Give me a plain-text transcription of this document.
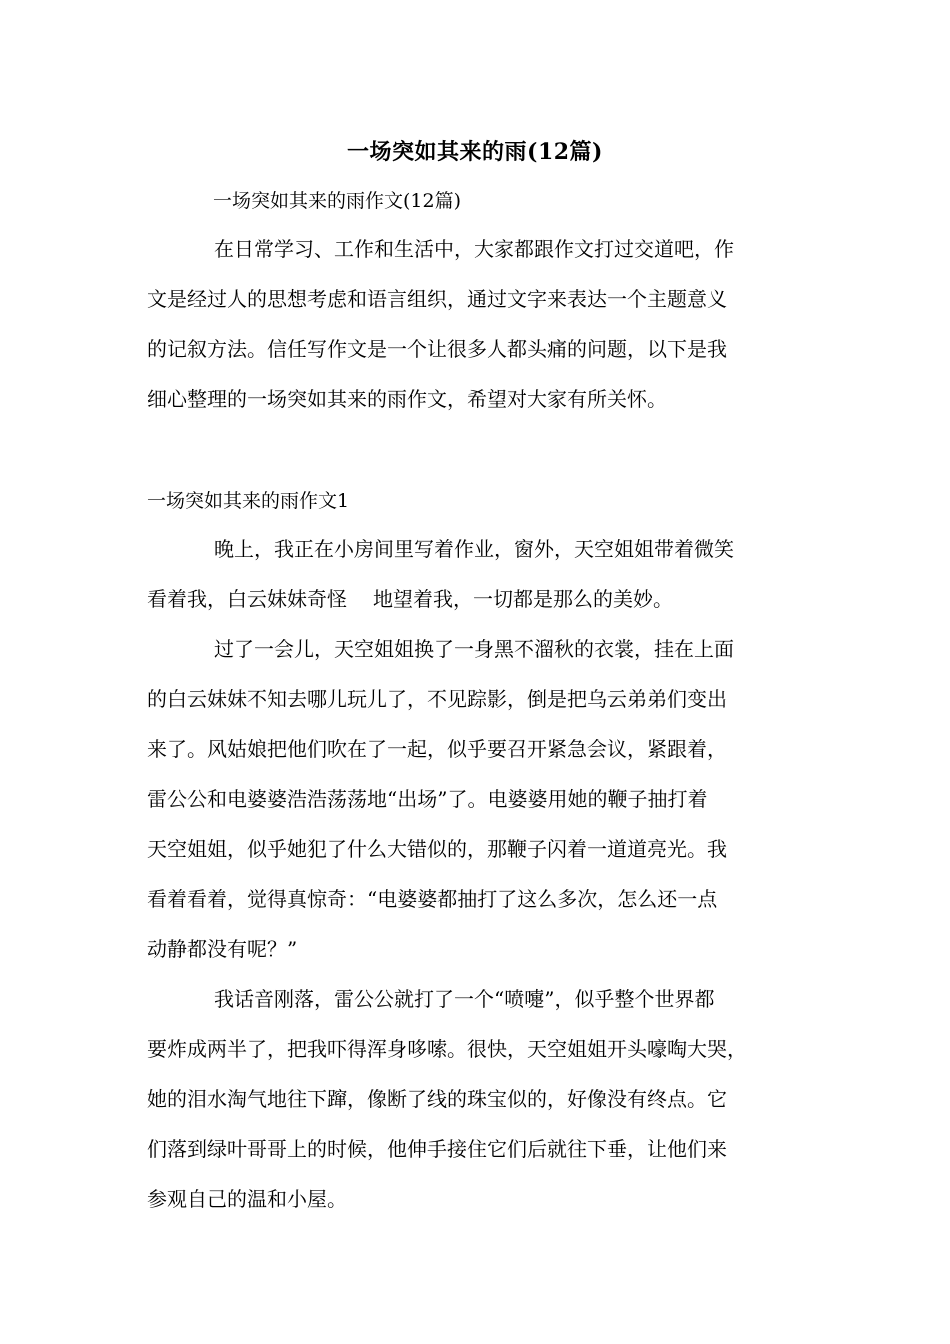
一场突如其来的雨(12篇)
一场突如其来的雨作文(12篇)
在日常学习、工作和生活中，大家都跟作文打过交道吧，作
文是经过人的思想考虑和语言组织，通过文字来表达一个主题意义
的记叙方法。信任写作文是一个让很多人都头痛的问题，以下是我
细心整理的一场突如其来的雨作文，希望对大家有所关怀。
一场突如其来的雨作文1
晚上，我正在小房间里写着作业，窗外，天空姐姐带着微笑
看着我，白云妹妹奇怪 地望着我，一切都是那么的美妙。
过了一会儿，天空姐姐换了一身黑不溜秋的衣裳，挂在上面
的白云妹妹不知去哪儿玩儿了，不见踪影，倒是把乌云弟弟们变出
来了。风姑娘把他们吹在了一起，似乎要召开紧急会议，紧跟着，
雷公公和电婆婆浩浩荡荡地“出场”了。电婆婆用她的鞭子抽打着
天空姐姐，似乎她犯了什么大错似的，那鞭子闪着一道道亮光。我
看着看着，觉得真惊奇：“电婆婆都抽打了这么多次，怎么还一点
动静都没有呢？”
我话音刚落，雷公公就打了一个“喷嚏”，似乎整个世界都
要炸成两半了，把我吓得浑身哆嗦。很快，天空姐姐开头嚎啕大哭，
她的泪水淘气地往下蹿，像断了线的珠宝似的，好像没有终点。它
们落到绿叶哥哥上的时候，他伸手接住它们后就往下垂，让他们来
参观自己的温和小屋。
